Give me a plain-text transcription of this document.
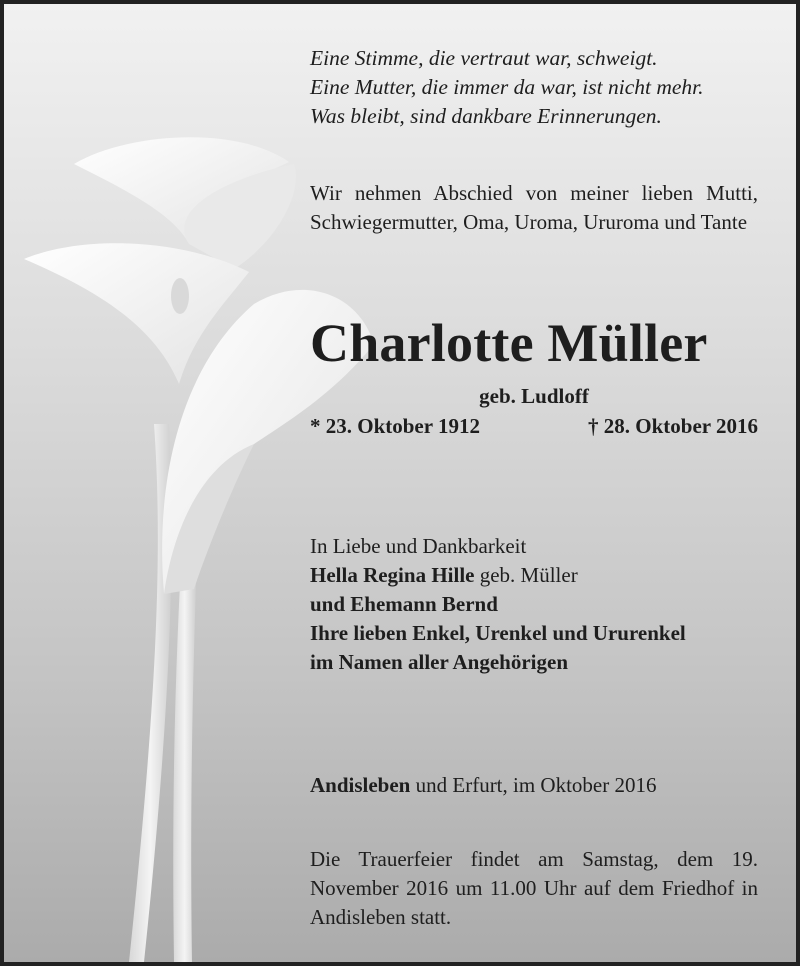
Eine Stimme, die vertraut war, schweigt.
Eine Mutter, die immer da war, ist nicht mehr.
Was bleibt, sind dankbare Erinnerungen.
Wir nehmen Abschied von meiner lieben Mutti, Schwiegermutter, Oma, Uroma, Ururoma und Tante
Charlotte Müller
geb. Ludloff
* 23. Oktober 1912	† 28. Oktober 2016
In Liebe und Dankbarkeit
Hella Regina Hille geb. Müller
und Ehemann Bernd
Ihre lieben Enkel, Urenkel und Ururenkel
im Namen aller Angehörigen
Andisleben und Erfurt, im Oktober 2016
Die Trauerfeier findet am Samstag, dem 19. November 2016 um 11.00 Uhr auf dem Friedhof in Andisleben statt.
